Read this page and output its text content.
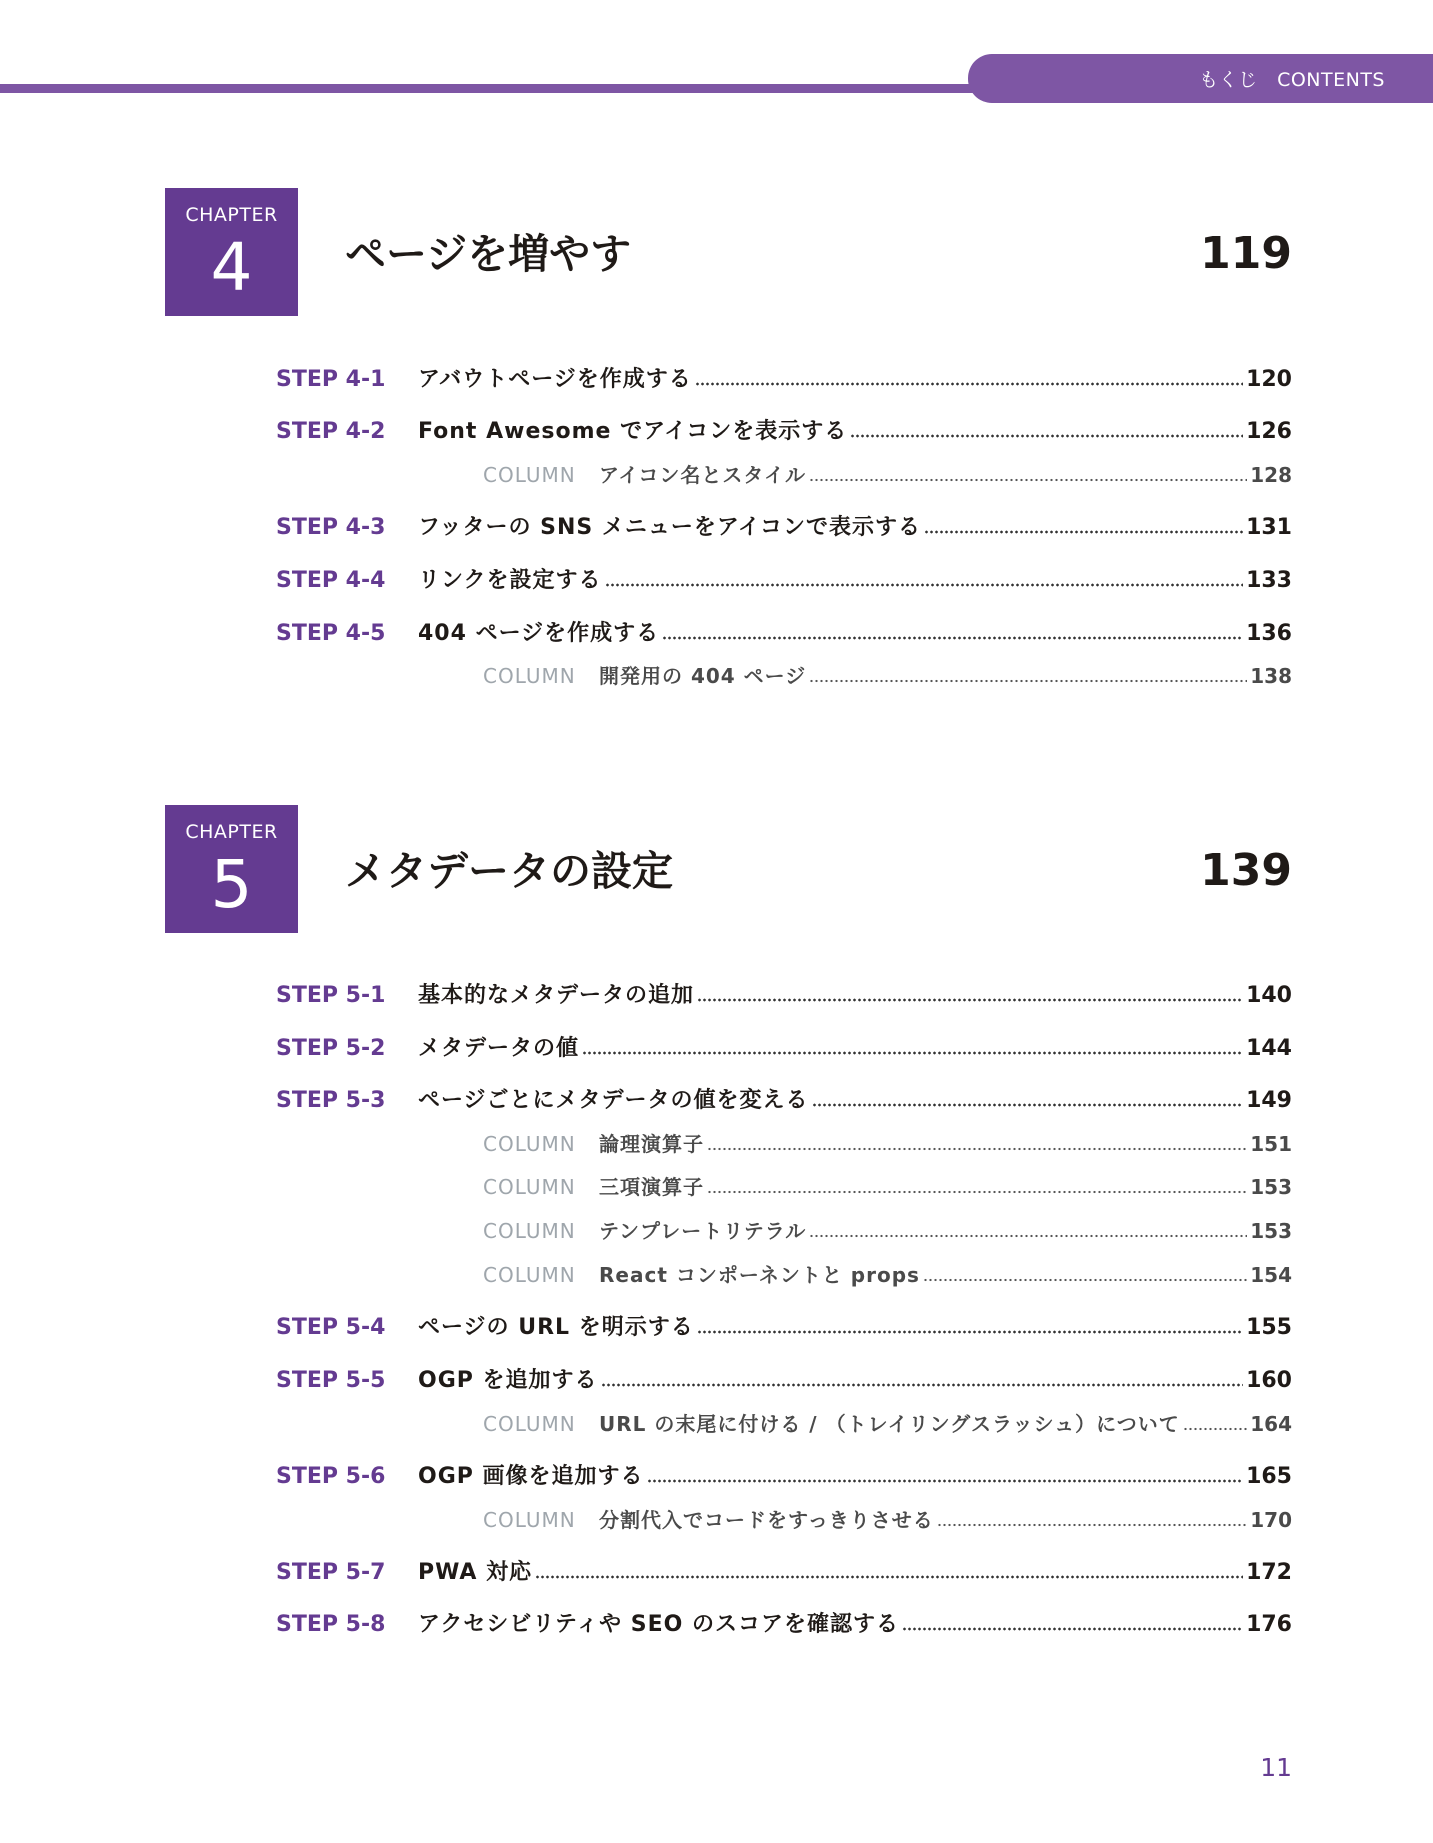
もくじ　CONTENTS
CHAPTER
4	ページを増やす	119
STEP 4-1	アバウトページを作成する	120
STEP 4-2	Font Awesome でアイコンを表示する	126
COLUMN	アイコン名とスタイル	128
STEP 4-3	フッターの SNS メニューをアイコンで表示する	131
STEP 4-4	リンクを設定する	133
STEP 4-5	404 ページを作成する	136
COLUMN	開発用の 404 ページ	138
CHAPTER
5	メタデータの設定	139
STEP 5-1	基本的なメタデータの追加	140
STEP 5-2	メタデータの値	144
STEP 5-3	ページごとにメタデータの値を変える	149
COLUMN	論理演算子	151
COLUMN	三項演算子	153
COLUMN	テンプレートリテラル	153
COLUMN	React コンポーネントと props	154
STEP 5-4	ページの URL を明示する	155
STEP 5-5	OGP を追加する	160
COLUMN	URL の末尾に付ける / （トレイリングスラッシュ）について	164
STEP 5-6	OGP 画像を追加する	165
COLUMN	分割代入でコードをすっきりさせる	170
STEP 5-7	PWA 対応	172
STEP 5-8	アクセシビリティや SEO のスコアを確認する	176
11
